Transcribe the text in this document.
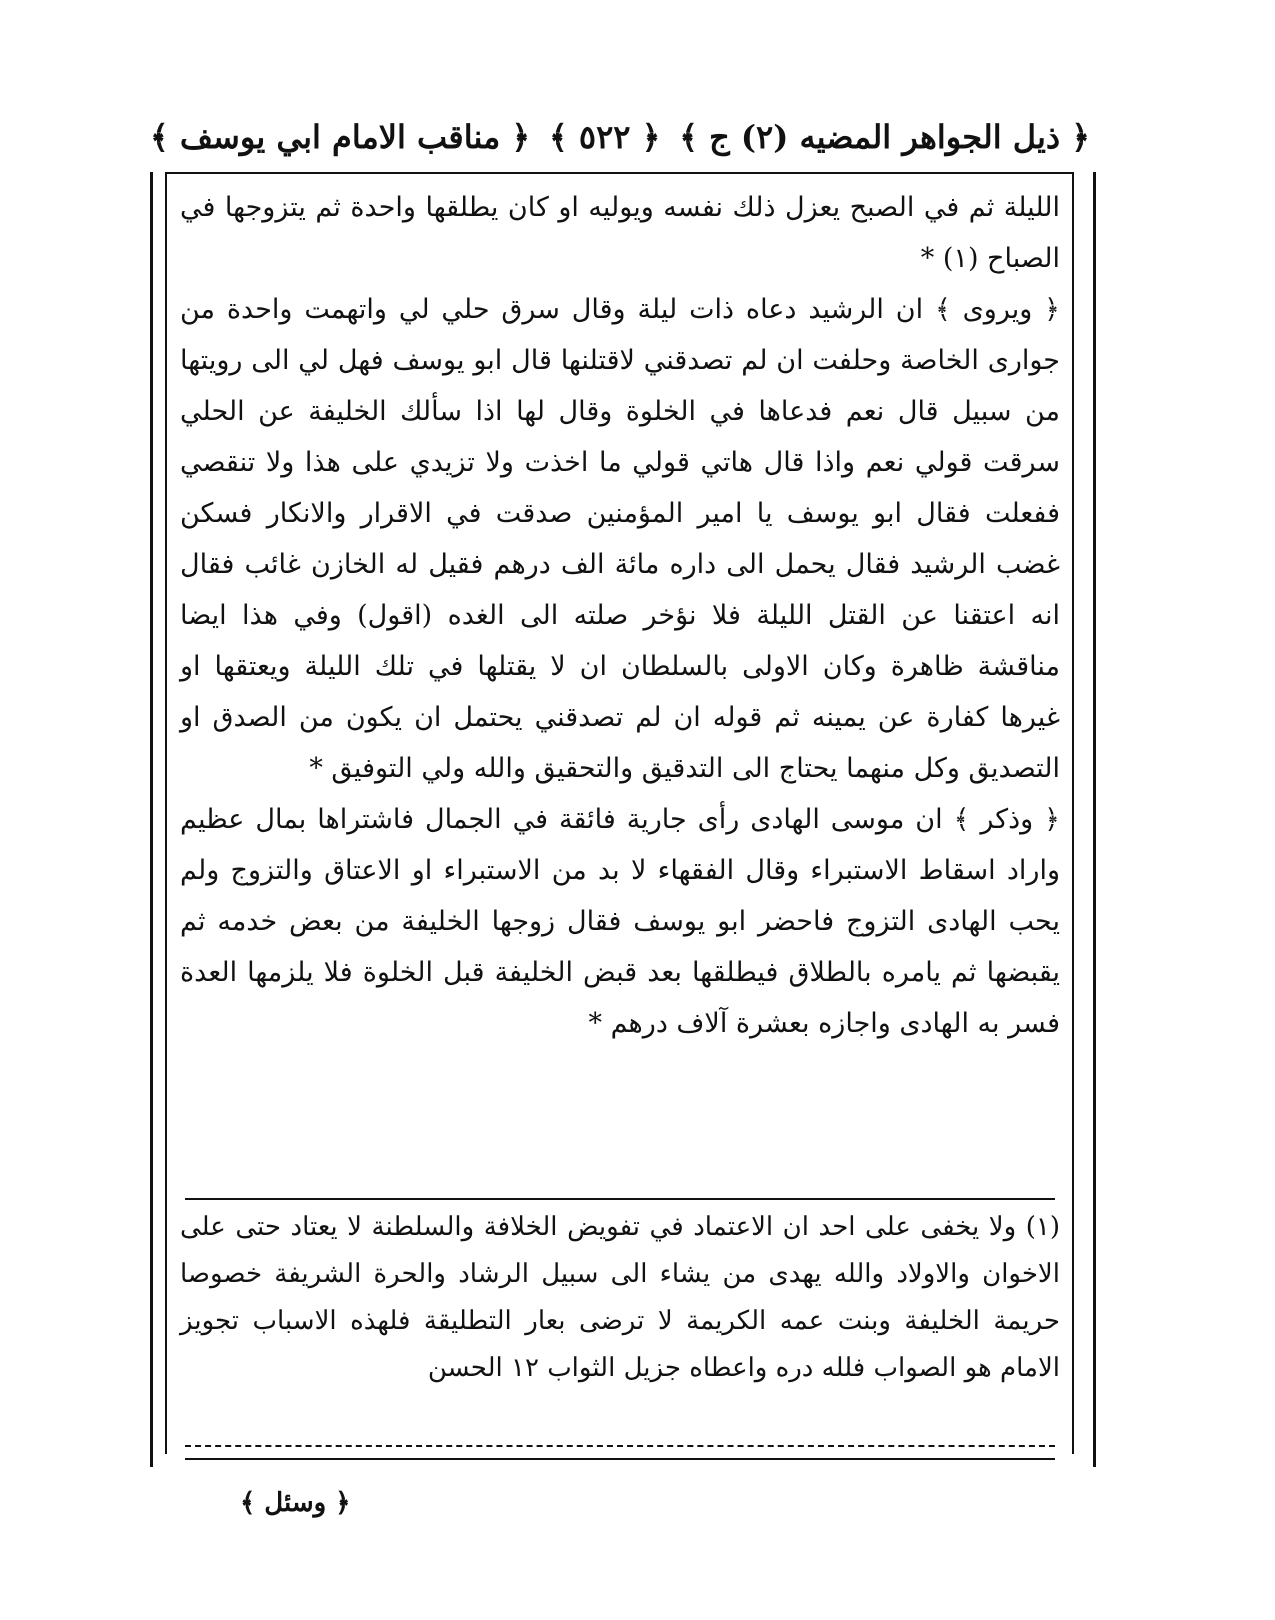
﴿ ذيل الجواهر المضيه (٢) ج ﴾
﴿ ٥٢٢ ﴾
﴿ مناقب الامام ابي يوسف ﴾

الليلة ثم في الصبح يعزل ذلك نفسه ويوليه او كان يطلقها واحدة ثم يتزوجها في الصباح (١) *

﴿ ويروى ﴾ ان الرشيد دعاه ذات ليلة وقال سرق حلي لي واتهمت واحدة من جوارى الخاصة وحلفت ان لم تصدقني لاقتلنها قال ابو يوسف فهل لي الى رويتها من سبيل قال نعم فدعاها في الخلوة وقال لها اذا سألك الخليفة عن الحلي سرقت قولي نعم واذا قال هاتي قولي ما اخذت ولا تزيدي على هذا ولا تنقصي ففعلت فقال ابو يوسف يا امير المؤمنين صدقت في الاقرار والانكار فسكن غضب الرشيد فقال يحمل الى داره مائة الف درهم فقيل له الخازن غائب فقال انه اعتقنا عن القتل الليلة فلا نؤخر صلته الى الغده (اقول) وفي هذا ايضا مناقشة ظاهرة وكان الاولى بالسلطان ان لا يقتلها في تلك الليلة ويعتقها او غيرها كفارة عن يمينه ثم قوله ان لم تصدقني يحتمل ان يكون من الصدق او التصديق وكل منهما يحتاج الى التدقيق والتحقيق والله ولي التوفيق *

﴿ وذكر ﴾ ان موسى الهادى رأى جارية فائقة في الجمال فاشتراها بمال عظيم واراد اسقاط الاستبراء وقال الفقهاء لا بد من الاستبراء او الاعتاق والتزوج ولم يحب الهادى التزوج فاحضر ابو يوسف فقال زوجها الخليفة من بعض خدمه ثم يقبضها ثم يامره بالطلاق فيطلقها بعد قبض الخليفة قبل الخلوة فلا يلزمها العدة فسر به الهادى واجازه بعشرة آلاف درهم *

(١) ولا يخفى على احد ان الاعتماد في تفويض الخلافة والسلطنة لا يعتاد حتى على الاخوان والاولاد والله يهدى من يشاء الى سبيل الرشاد والحرة الشريفة خصوصا حريمة الخليفة وبنت عمه الكريمة لا ترضى بعار التطليقة فلهذه الاسباب تجويز الامام هو الصواب فلله دره واعطاه جزيل الثواب ١٢ الحسن

﴿ وسئل ﴾
